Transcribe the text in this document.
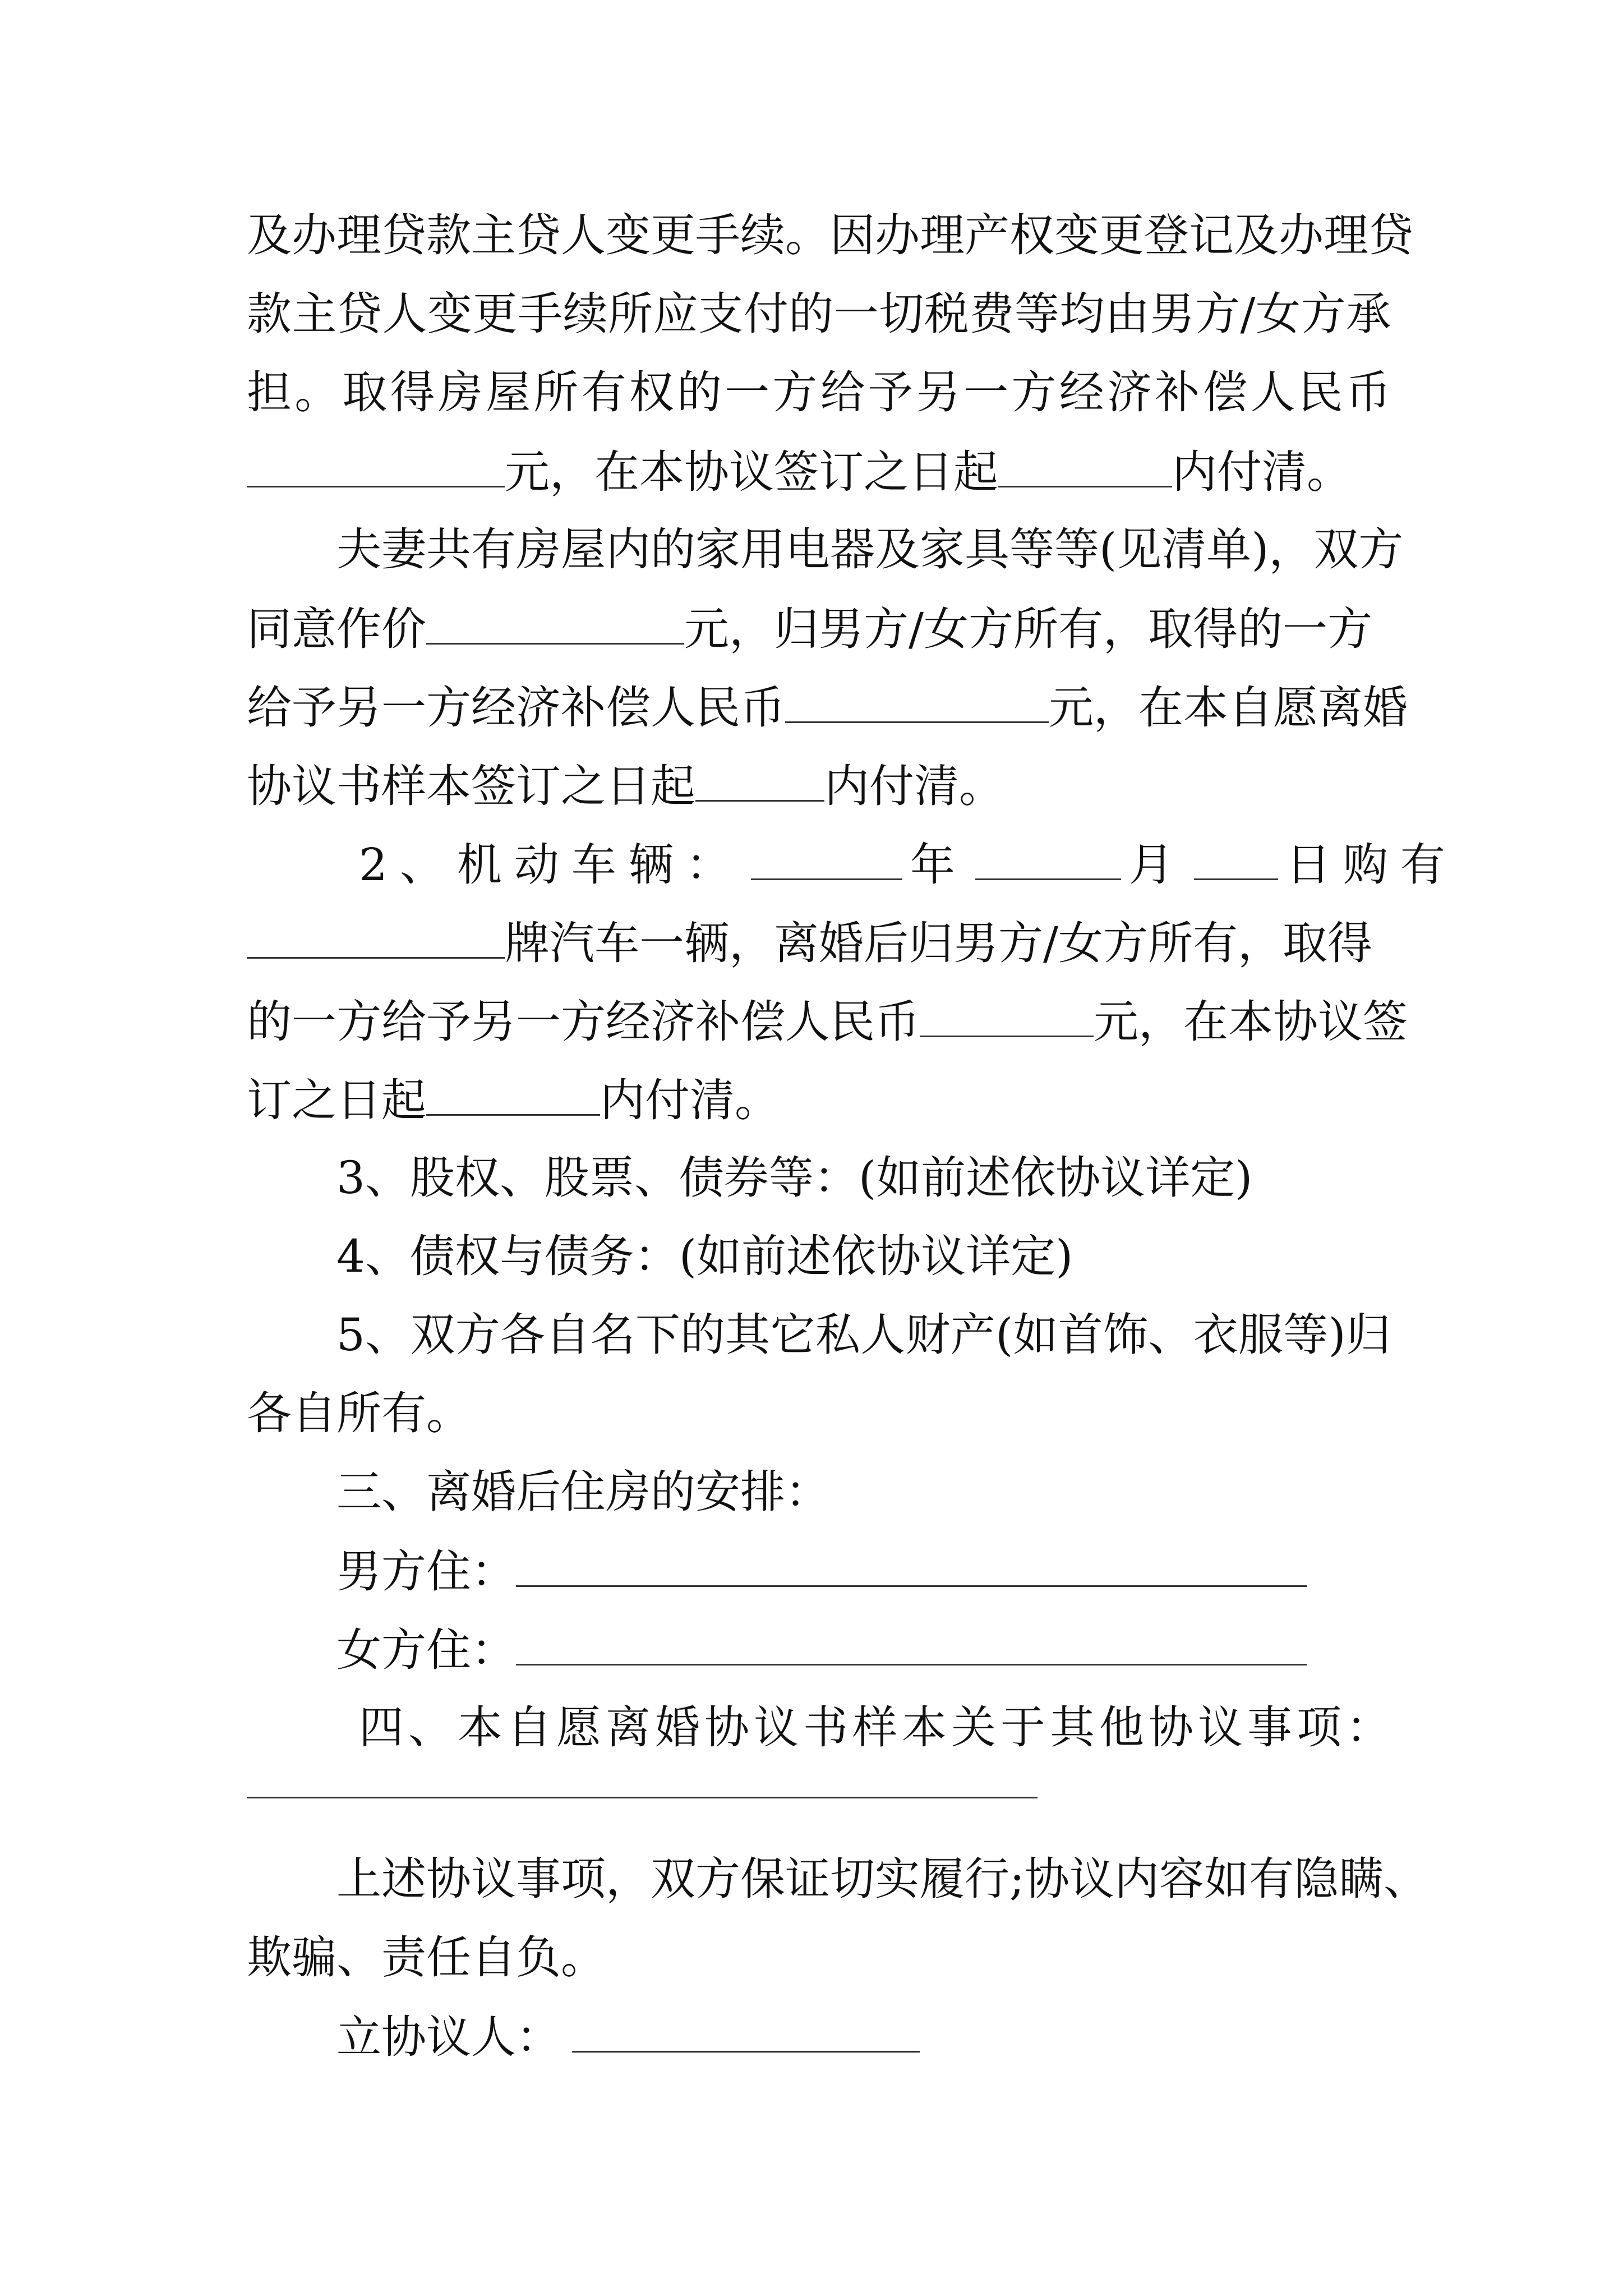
及办理贷款主贷人变更手续。因办理产权变更登记及办理贷
款主贷人变更手续所应支付的一切税费等均由男方/女方承
担。取得房屋所有权的一方给予另一方经济补偿人民币
元，在本协议签订之日起	内付清。
夫妻共有房屋内的家用电器及家具等等(见清单)，双方
同意作价	元，归男方/女方所有，取得的一方
给予另一方经济补偿人民币	元，在本自愿离婚
协议书样本签订之日起	内付清。
2、机动车辆：	年	月 日购有
牌汽车一辆，离婚后归男方/女方所有，取得
的一方给予另一方经济补偿人民币	元，在本协议签
订之日起	内付清。
3、股权、股票、债券等：(如前述依协议详定)
4、债权与债务：(如前述依协议详定)
5、双方各自名下的其它私人财产(如首饰、衣服等)归
各自所有。
三、离婚后住房的安排：
男方住：
女方住：
四、本自愿离婚协议书样本关于其他协议事项：
上述协议事项，双方保证切实履行;协议内容如有隐瞒、
欺骗、责任自负。
立协议人：
